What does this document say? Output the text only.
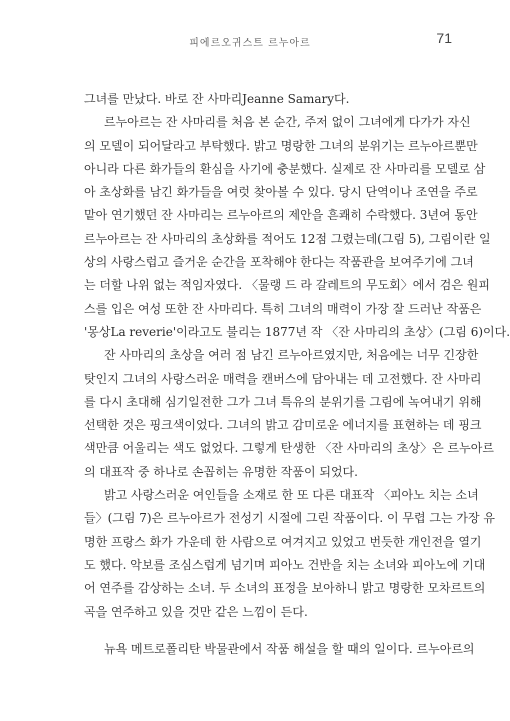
피에르오귀스트 르누아르	71

그녀를 만났다. 바로 잔 사마리Jeanne Samary다.

르누아르는 잔 사마리를 처음 본 순간, 주저 없이 그녀에게 다가가 자신
의 모델이 되어달라고 부탁했다. 밝고 명랑한 그녀의 분위기는 르누아르뿐만
아니라 다른 화가들의 환심을 사기에 충분했다. 실제로 잔 사마리를 모델로 삼
아 초상화를 남긴 화가들을 여럿 찾아볼 수 있다. 당시 단역이나 조연을 주로
맡아 연기했던 잔 사마리는 르누아르의 제안을 흔쾌히 수락했다. 3년여 동안
르누아르는 잔 사마리의 초상화를 적어도 12점 그렸는데(그림 5), 그림이란 일
상의 사랑스럽고 즐거운 순간을 포착해야 한다는 작품관을 보여주기에 그녀
는 더할 나위 없는 적임자였다. 〈물랭 드 라 갈레트의 무도회〉에서 검은 원피
스를 입은 여성 또한 잔 사마리다. 특히 그녀의 매력이 가장 잘 드러난 작품은
'몽상La reverie'이라고도 불리는 1877년 작 〈잔 사마리의 초상〉(그림 6)이다.

잔 사마리의 초상을 여러 점 남긴 르누아르였지만, 처음에는 너무 긴장한
탓인지 그녀의 사랑스러운 매력을 캔버스에 담아내는 데 고전했다. 잔 사마리
를 다시 초대해 심기일전한 그가 그녀 특유의 분위기를 그림에 녹여내기 위해
선택한 것은 핑크색이었다. 그녀의 밝고 감미로운 에너지를 표현하는 데 핑크
색만큼 어울리는 색도 없었다. 그렇게 탄생한 〈잔 사마리의 초상〉은 르누아르
의 대표작 중 하나로 손꼽히는 유명한 작품이 되었다.

밝고 사랑스러운 여인들을 소재로 한 또 다른 대표작 〈피아노 치는 소녀
들〉(그림 7)은 르누아르가 전성기 시절에 그린 작품이다. 이 무렵 그는 가장 유
명한 프랑스 화가 가운데 한 사람으로 여겨지고 있었고 번듯한 개인전을 열기
도 했다. 악보를 조심스럽게 넘기며 피아노 건반을 치는 소녀와 피아노에 기대
어 연주를 감상하는 소녀. 두 소녀의 표정을 보아하니 밝고 명랑한 모차르트의
곡을 연주하고 있을 것만 같은 느낌이 든다.

뉴욕 메트로폴리탄 박물관에서 작품 해설을 할 때의 일이다. 르누아르의
